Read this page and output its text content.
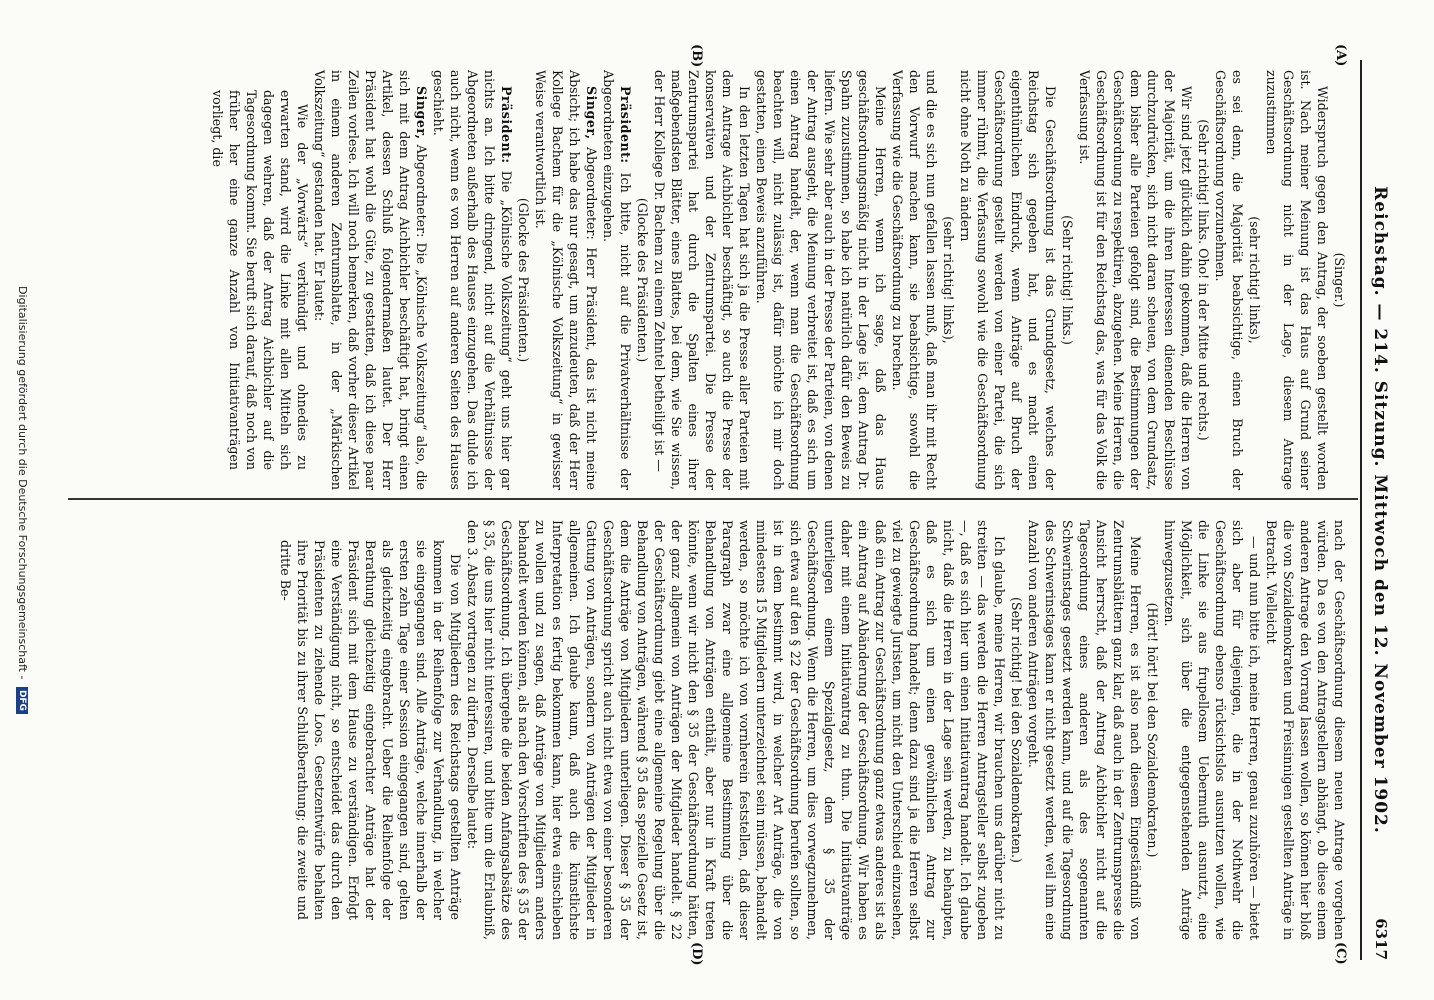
Reichstag. — 214. Sitzung. Mittwoch den 12. November 1902.
6317
(A)
(B)
(C)
(D)

(Singer.)

Widerspruch gegen den Antrag, der soeben gestellt worden ist. Nach meiner Meinung ist das Haus auf Grund seiner Geschäftsordnung nicht in der Lage, diesem Antrage zuzustimmen

(sehr richtig! links),

es sei denn, die Majorität beabsichtige, einen Bruch der Geschäftsordnung vorzunehmen.

(Sehr richtig! links. Oho! in der Mitte und rechts.)

Wir sind jetzt glücklich dahin gekommen, daß die Herren von der Majorität, um die ihren Interessen dienenden Beschlüsse durchzudrücken, sich nicht daran scheuen, von dem Grundsatz, dem bisher alle Parteien gefolgt sind, die Bestimmungen der Geschäftsordnung zu respektiren, abzugehen. Meine Herren, die Geschäftsordnung ist für den Reichstag das, was für das Volk die Verfassung ist.

(Sehr richtig! links.)

Die Geschäftsordnung ist das Grundgesetz, welches der Reichstag sich gegeben hat, und es macht einen eigenthümlichen Eindruck, wenn Anträge auf Bruch der Geschäftsordnung gestellt werden von einer Partei, die sich immer rühmt, die Verfassung sowohl wie die Geschäftsordnung nicht ohne Noth zu ändern

(sehr richtig! links),

und die es sich nun gefallen lassen muß, daß man ihr mit Recht den Vorwurf machen kann, sie beabsichtige, sowohl die Verfassung wie die Geschäftsordnung zu brechen.

Meine Herren, wenn ich sage, daß das Haus geschäftsordnungsmäßig nicht in der Lage ist, dem Antrag Dr. Spahn zuzustimmen, so habe ich natürlich dafür den Beweis zu liefern. Wie sehr aber auch in der Presse der Parteien, von denen der Antrag ausgeht, die Meinung verbreitet ist, daß es sich um einen Antrag handelt, der, wenn man die Geschäftsordnung beachten will, nicht zulässig ist, dafür möchte ich mir doch gestatten, einen Beweis anzuführen.

In den letzten Tagen hat sich ja die Presse aller Parteien mit dem Antrage Aichbichler beschäftigt, so auch die Presse der konservativen und der Zentrumspartei. Die Presse der Zentrumspartei hat durch die Spalten eines ihrer maßgebendsten Blätter, eines Blattes, bei dem, wie Sie wissen, der Herr Kollege Dr. Bachem zu einem Zehntel betheiligt ist —

(Glocke des Präsidenten.)

Präsident: Ich bitte, nicht auf die Privatverhältnisse der Abgeordneten einzugehen.

Singer, Abgeordneter: Herr Präsident, das ist nicht meine Absicht; ich habe das nur gesagt, um anzudeuten, daß der Herr Kollege Bachem für die „Kölnische Volkszeitung“ in gewisser Weise verantwortlich ist.

(Glocke des Präsidenten.)

Präsident: Die „Kölnische Volkszeitung“ geht uns hier gar nichts an. Ich bitte dringend, nicht auf die Verhältnisse der Abgeordneten außerhalb des Hauses einzugehen. Das dulde ich auch nicht, wenn es von Herren auf anderen Seiten des Hauses geschieht.

Singer, Abgeordneter: Die „Kölnische Volkszeitung“ also, die sich mit dem Antrag Aichbichler beschäftigt hat, bringt einen Artikel, dessen Schluß folgendermaßen lautet. Der Herr Präsident hat wohl die Güte, zu gestatten, daß ich diese paar Zeilen vorlese. Ich will noch bemerken, daß vorher dieser Artikel in einem anderen Zentrumsblatte, in der „Märkischen Volkszeitung“ gestanden hat. Er lautet:

Wie der „Vorwärts“ verkündigt und ohnedies zu erwarten stand, wird die Linke mit allen Mitteln sich dagegen wehren, daß der Antrag Aichbichler auf die Tagesordnung kommt. Sie beruft sich darauf, daß noch von früher her eine ganze Anzahl von Initiativanträgen vorliegt, die

nach der Geschäftsordnung diesem neuen Antrage vorgehen würden. Da es von den Antragstellern abhängt, ob diese einem anderen Antrage den Vorrang lassen wollen, so können hier bloß die von Sozialdemokraten und Freisinnigen gestellten Anträge in Betracht. Vielleicht

— und nun bitte ich, meine Herren, genau zuzuhören — bietet sich aber für diejenigen, die in der Nothwehr die Geschäftsordnung ebenso rücksichtslos ausnutzen wollen, wie die Linke sie aus frupellosem Uebermuth ausnutzt, eine Möglichkeit, sich über die entgegenstehenden Anträge hinwegzusetzen.

(Hört! hört! bei den Sozialdemokraten.)

Meine Herren, es ist also nach diesem Eingeständniß von Zentrumsblättern ganz klar, daß auch in der Zentrumspresse die Ansicht herrscht, daß der Antrag Aichbichler nicht auf die Tagesordnung eines anderen als des sogenannten Schwerinstages gesetzt werden kann, und auf die Tagesordnung des Schwerinstages kann er nicht gesetzt werden, weil ihm eine Anzahl von anderen Anträgen vorgeht.

(Sehr richtig! bei den Sozialdemokraten.)

Ich glaube, meine Herren, wir brauchen uns darüber nicht zu streiten — das werden die Herren Antragsteller selbst zugeben —, daß es sich hier um einen Initiativantrag handelt. Ich glaube nicht, daß die Herren in der Lage sein werden, zu behaupten, daß es sich um einen gewöhnlichen Antrag zur Geschäftsordnung handelt; denn dazu sind ja die Herren selbst viel zu gewiegte Juristen, um nicht den Unterschied einzusehen, daß ein Antrag zur Geschäftsordnung ganz etwas anderes ist als ein Antrag auf Abänderung der Geschäftsordnung. Wir haben es daher mit einem Initiativantrag zu thun. Die Initiativanträge unterliegen einem Spezialgesetz, dem § 35 der Geschäftsordnung. Wenn die Herren, um dies vorwegzunehmen, sich etwa auf den § 22 der Geschäftsordnung berufen sollten, so ist in dem bestimmt wird, in welcher Art Anträge, die von mindestens 15 Mitgliedern unterzeichnet sein müssen, behandelt werden, so möchte ich von vornherein feststellen, daß dieser Paragraph zwar eine allgemeine Bestimmung über die Behandlung von Anträgen enthält, aber nur in Kraft treten könnte, wenn wir nicht den § 35 der Geschäftsordnung hätten, der ganz allgemein von Anträgen der Mitglieder handelt. § 22 der Geschäftsordnung giebt eine allgemeine Regelung über die Behandlung von Anträgen, während § 35 das spezielle Gesetz ist, dem die Anträge von Mitgliedern unterliegen. Dieser § 35 der Geschäftsordnung spricht auch nicht etwa von einer besonderen Gattung von Anträgen, sondern von Anträgen der Mitglieder in allgemeinen. Ich glaube kaum, daß auch die künstlichste Interpretation es fertig bekommen kann, hier etwa einschieben zu wollen und zu sagen, daß Anträge von Mitgliedern anders behandelt werden können, als nach den Vorschriften des § 35 der Geschäftsordnung. Ich übergehe die beiden Anfangsabsätze des § 35, die uns hier nicht interessiren, und bitte um die Erlaubniß, den 3. Absatz vortragen zu dürfen. Derselbe lautet:

Die von Mitgliedern des Reichstags gestellten Anträge kommen in der Reihenfolge zur Verhandlung, in welcher sie eingegangen sind. Alle Anträge, welche innerhalb der ersten zehn Tage einer Session eingegangen sind, gelten als gleichzeitig eingebracht. Ueber die Reihenfolge der Berathung gleichzeitig eingebrachter Anträge hat der Präsident sich mit dem Hause zu verständigen. Erfolgt eine Verständigung nicht, so entscheidet das durch den Präsidenten zu ziehende Loos. Gesetzentwürfe behalten ihre Priorität bis zu ihrer Schlußberathung; die zweite und dritte Be-

Digitalisierung gefördert durch die Deutsche Forschungsgemeinschaft - DFG
